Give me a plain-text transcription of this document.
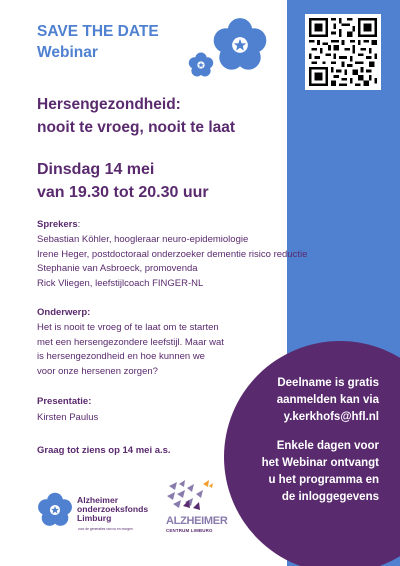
SAVE THE DATE
Webinar
Hersengezondheid:
nooit te vroeg, nooit te laat
Dinsdag 14 mei
van 19.30 tot 20.30 uur
Sprekers:
Sebastian Köhler, hoogleraar neuro-epidemiologie
Irene Heger, postdoctoraal onderzoeker dementie risico reductie
Stephanie van Asbroeck, promovenda
Rick Vliegen, leefstijlcoach FINGER-NL
Onderwerp:
Het is nooit te vroeg of te laat om te starten
met een hersengezondere leefstijl. Maar wat
is hersengezondheid en hoe kunnen we
voor onze hersenen zorgen?
Presentatie:
Kirsten Paulus
Graag tot ziens op 14 mei a.s.
Deelname is gratis
aanmelden kan via
y.kerkhofs@hfl.nl
Enkele dagen voor
het Webinar ontvangt
u het programma en
de inloggegevens
Alzheimer
onderzoeksfonds
Limburg
voor de generaties van nu en morgen
ALZHEIMER
CENTRUM LIMBURG
